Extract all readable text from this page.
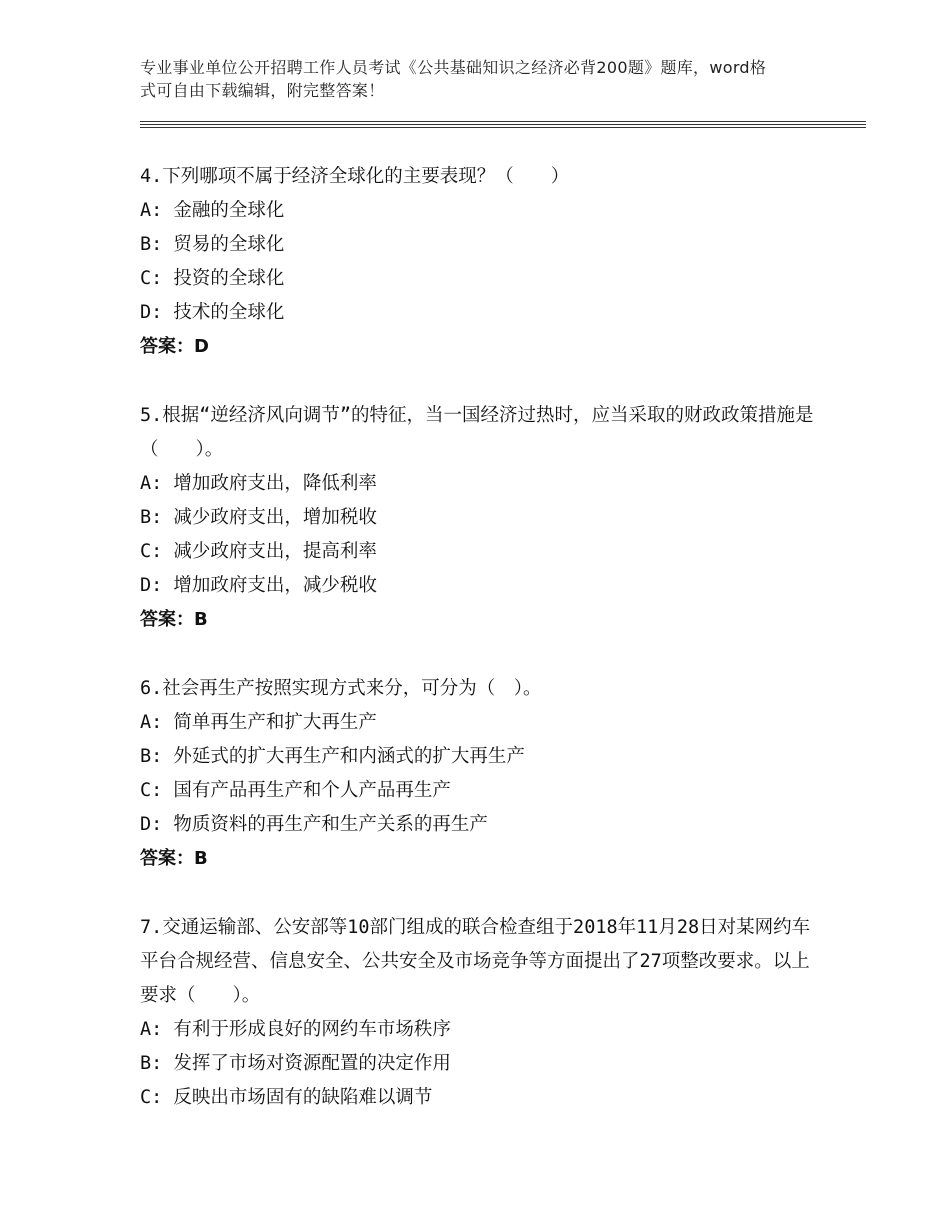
专业事业单位公开招聘工作人员考试《公共基础知识之经济必背200题》题库，word格式可自由下载编辑，附完整答案！
4.下列哪项不属于经济全球化的主要表现？（　　）
A: 金融的全球化
B: 贸易的全球化
C: 投资的全球化
D: 技术的全球化
答案：D
5.根据“逆经济风向调节”的特征，当一国经济过热时，应当采取的财政政策措施是（　　）。
A: 增加政府支出，降低利率
B: 减少政府支出，增加税收
C: 减少政府支出，提高利率
D: 增加政府支出，减少税收
答案：B
6.社会再生产按照实现方式来分，可分为（　）。
A: 简单再生产和扩大再生产
B: 外延式的扩大再生产和内涵式的扩大再生产
C: 国有产品再生产和个人产品再生产
D: 物质资料的再生产和生产关系的再生产
答案：B
7.交通运输部、公安部等10部门组成的联合检查组于2018年11月28日对某网约车平台合规经营、信息安全、公共安全及市场竞争等方面提出了27项整改要求。以上要求（　　）。
A: 有利于形成良好的网约车市场秩序
B: 发挥了市场对资源配置的决定作用
C: 反映出市场固有的缺陷难以调节
